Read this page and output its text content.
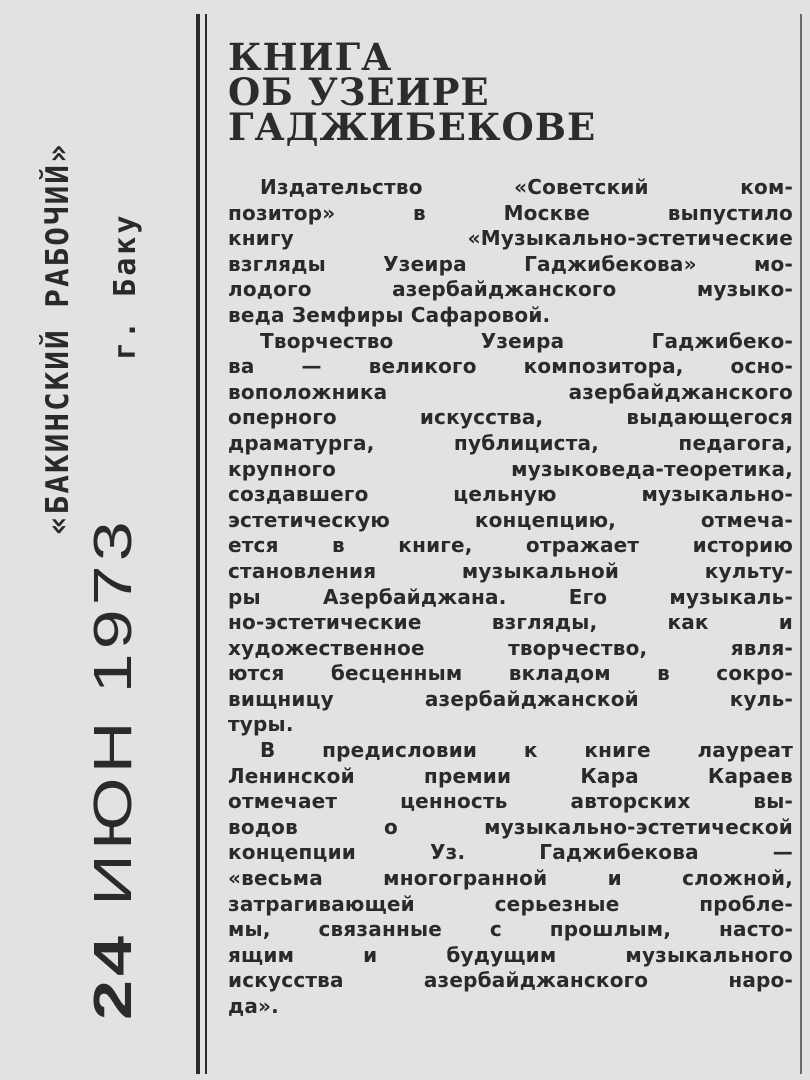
«БАКИНСКИЙ РАБОЧИЙ» г. Баку
24ИЮН 1973
КНИГА
ОБ УЗЕИРЕ
ГАДЖИБЕКОВЕ

Издательство «Советский ком-
позитор» в Москве выпустило
книгу «Музыкально-эстетические
взгляды Узеира Гаджибекова» мо-
лодого азербайджанского музыко-
веда Земфиры Сафаровой.

Творчество Узеира Гаджибеко-
ва — великого композитора, осно-
воположника азербайджанского
оперного искусства, выдающегося
драматурга, публициста, педагога,
крупного музыковеда-теоретика,
создавшего цельную музыкально-
эстетическую концепцию, отмеча-
ется в книге, отражает историю
становления музыкальной культу-
ры Азербайджана. Его музыкаль-
но-эстетические взгляды, как и
художественное творчество, явля-
ются бесценным вкладом в сокро-
вищницу азербайджанской куль-
туры.

В предисловии к книге лауреат
Ленинской премии Кара Караев
отмечает ценность авторских вы-
водов о музыкально-эстетической
концепции Уз. Гаджибекова —
«весьма многогранной и сложной,
затрагивающей серьезные пробле-
мы, связанные с прошлым, насто-
ящим и будущим музыкального
искусства азербайджанского наро-
да».
